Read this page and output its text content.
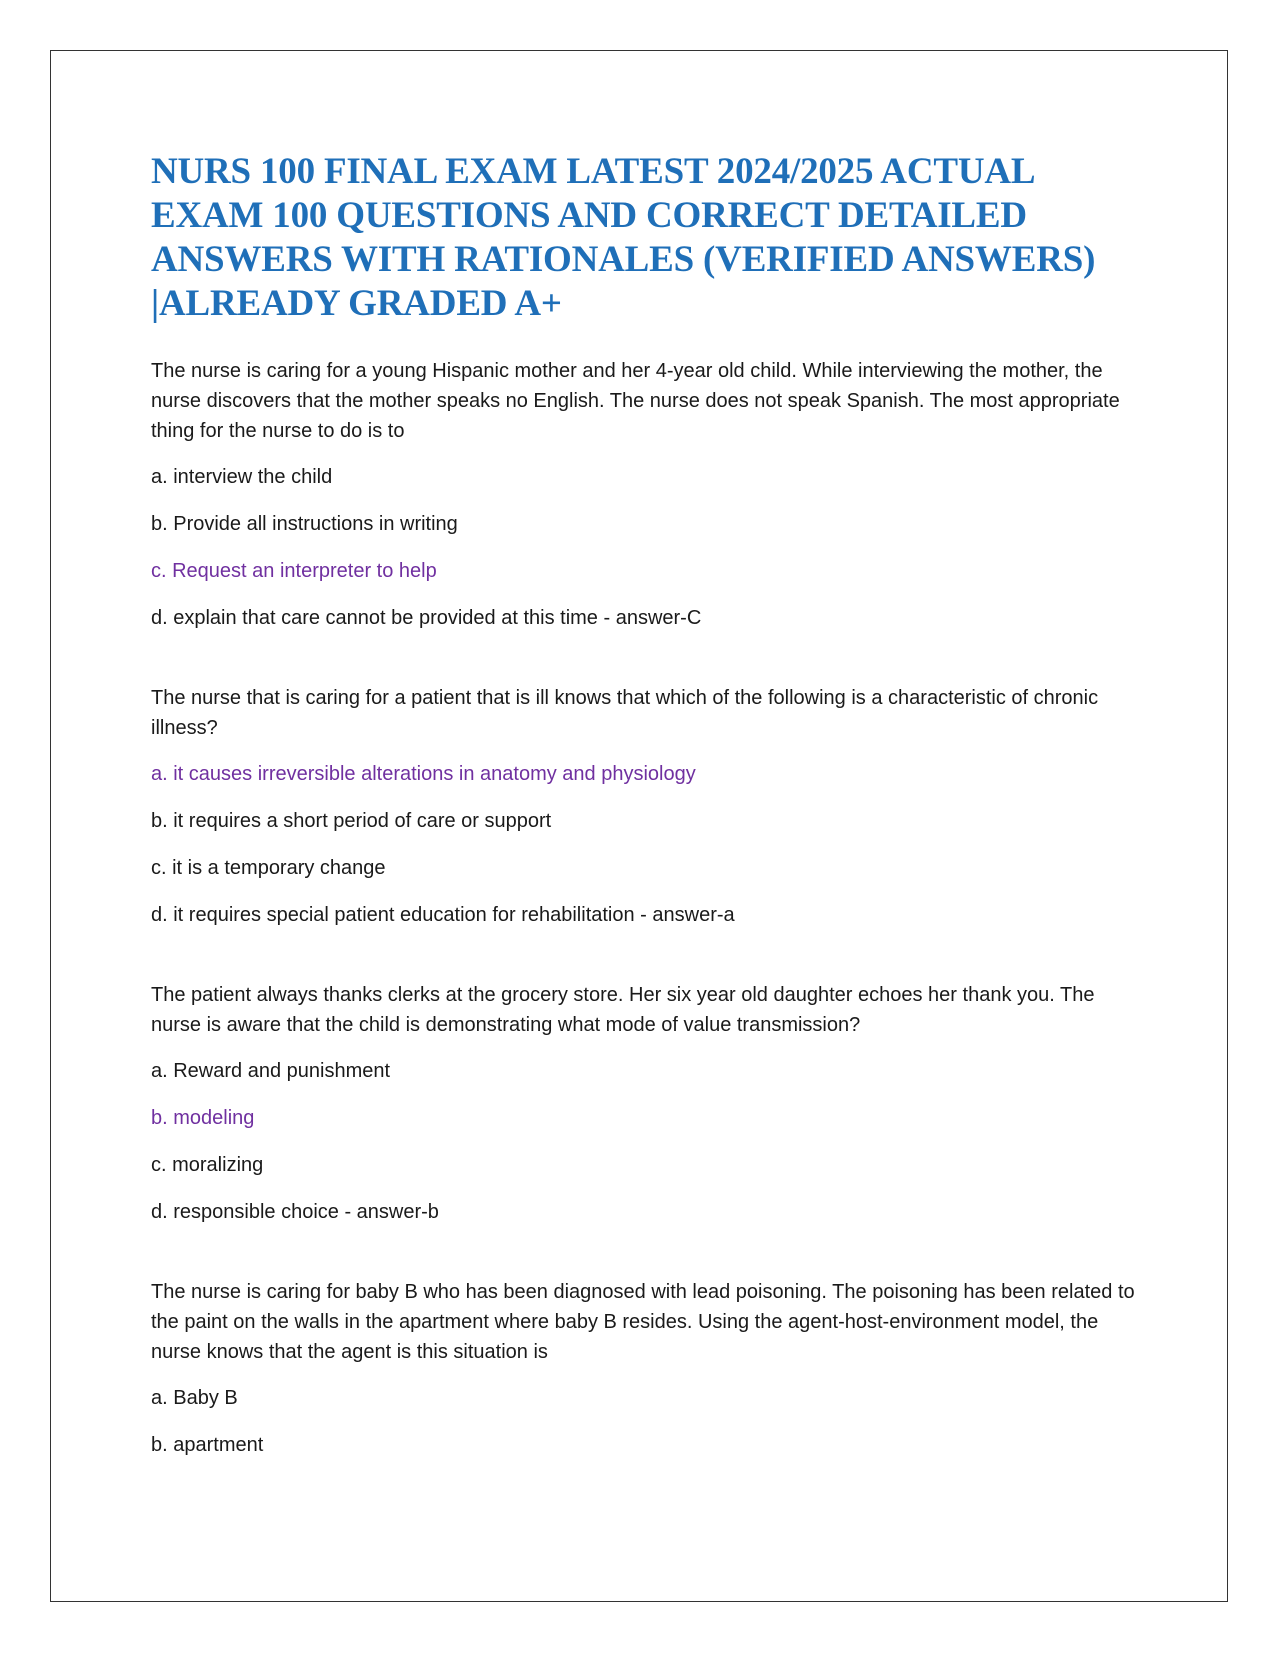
NURS 100 FINAL EXAM LATEST 2024/2025 ACTUAL EXAM 100 QUESTIONS AND CORRECT DETAILED ANSWERS WITH RATIONALES (VERIFIED ANSWERS) |ALREADY GRADED A+

The nurse is caring for a young Hispanic mother and her 4-year old child. While interviewing the mother, the nurse discovers that the mother speaks no English. The nurse does not speak Spanish. The most appropriate thing for the nurse to do is to

a. interview the child
b. Provide all instructions in writing
c. Request an interpreter to help
d. explain that care cannot be provided at this time - answer-C

The nurse that is caring for a patient that is ill knows that which of the following is a characteristic of chronic illness?

a. it causes irreversible alterations in anatomy and physiology
b. it requires a short period of care or support
c. it is a temporary change
d. it requires special patient education for rehabilitation - answer-a

The patient always thanks clerks at the grocery store. Her six year old daughter echoes her thank you. The nurse is aware that the child is demonstrating what mode of value transmission?

a. Reward and punishment
b. modeling
c. moralizing
d. responsible choice - answer-b

The nurse is caring for baby B who has been diagnosed with lead poisoning. The poisoning has been related to the paint on the walls in the apartment where baby B resides. Using the agent-host-environment model, the nurse knows that the agent is this situation is

a. Baby B
b. apartment
